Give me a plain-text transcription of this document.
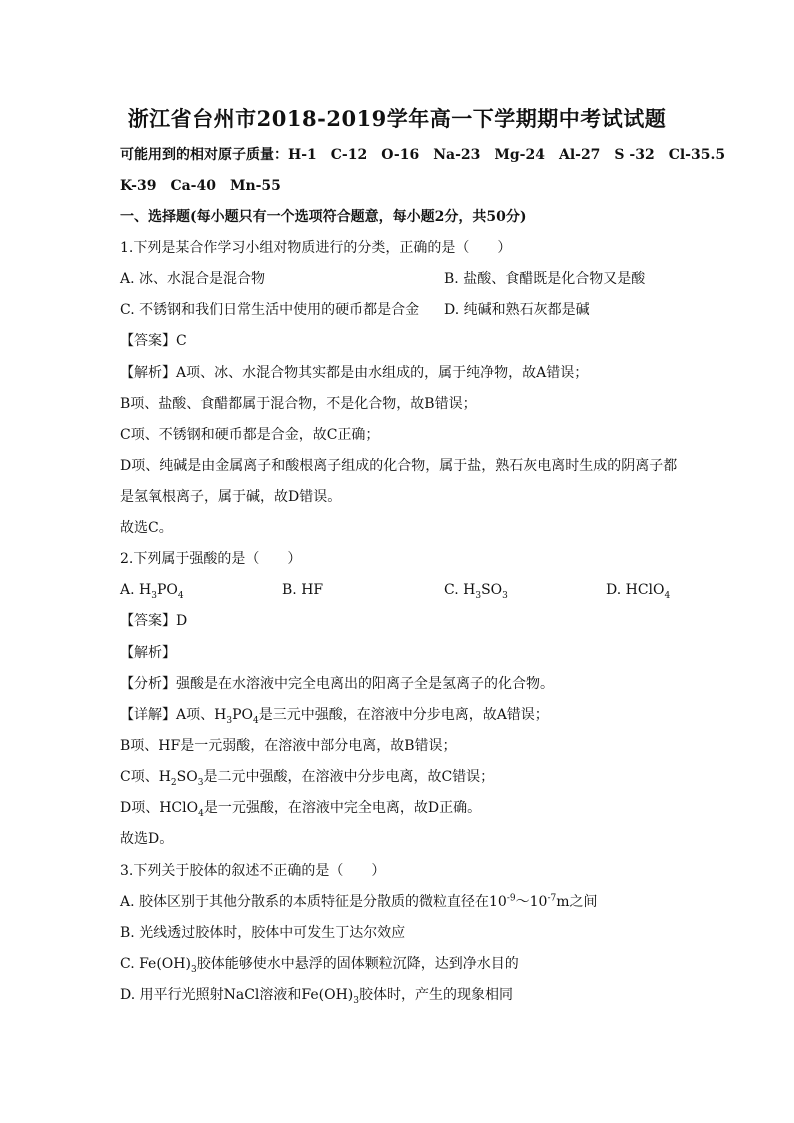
浙江省台州市2018-2019学年高一下学期期中考试试题
可能用到的相对原子质量：H-1　C-12　O-16　Na-23　Mg-24　Al-27　S -32　Cl-35.5
K-39　Ca-40　Mn-55
一、选择题(每小题只有一个选项符合题意，每小题2分，共50分)
1.下列是某合作学习小组对物质进行的分类，正确的是（　　）
A. 冰、水混合是混合物	B. 盐酸、食醋既是化合物又是酸
C. 不锈钢和我们日常生活中使用的硬币都是合金 D. 纯碱和熟石灰都是碱
【答案】C
【解析】A项、冰、水混合物其实都是由水组成的，属于纯净物，故A错误；
B项、盐酸、食醋都属于混合物，不是化合物，故B错误；
C项、不锈钢和硬币都是合金，故C正确；
D项、纯碱是由金属离子和酸根离子组成的化合物，属于盐，熟石灰电离时生成的阴离子都
是氢氧根离子，属于碱，故D错误。
故选C。
2.下列属于强酸的是（　　）
A. $H_3PO_4$	B. HF	C. $H_3SO_3$	D. HClO$_4$
【答案】D
【解析】
【分析】强酸是在水溶液中完全电离出的阳离子全是氢离子的化合物。
【详解】A项、$H_3PO_4$是三元中强酸，在溶液中分步电离，故A错误；
B项、HF是一元弱酸，在溶液中部分电离，故B错误；
C项、$H_2SO_3$是二元中强酸，在溶液中分步电离，故C错误；
D项、HClO$_4$是一元强酸，在溶液中完全电离，故D正确。
故选D。
3.下列关于胶体的叙述不正确的是（　　）
A. 胶体区别于其他分散系的本质特征是分散质的微粒直径在$10^{-9}\sim 10^{-7}m$之间
B. 光线透过胶体时，胶体中可发生丁达尔效应
C. $Fe(OH)_3$胶体能够使水中悬浮的固体颗粒沉降，达到净水目的
D. 用平行光照射NaCl溶液和$Fe(OH)_3$胶体时，产生的现象相同
